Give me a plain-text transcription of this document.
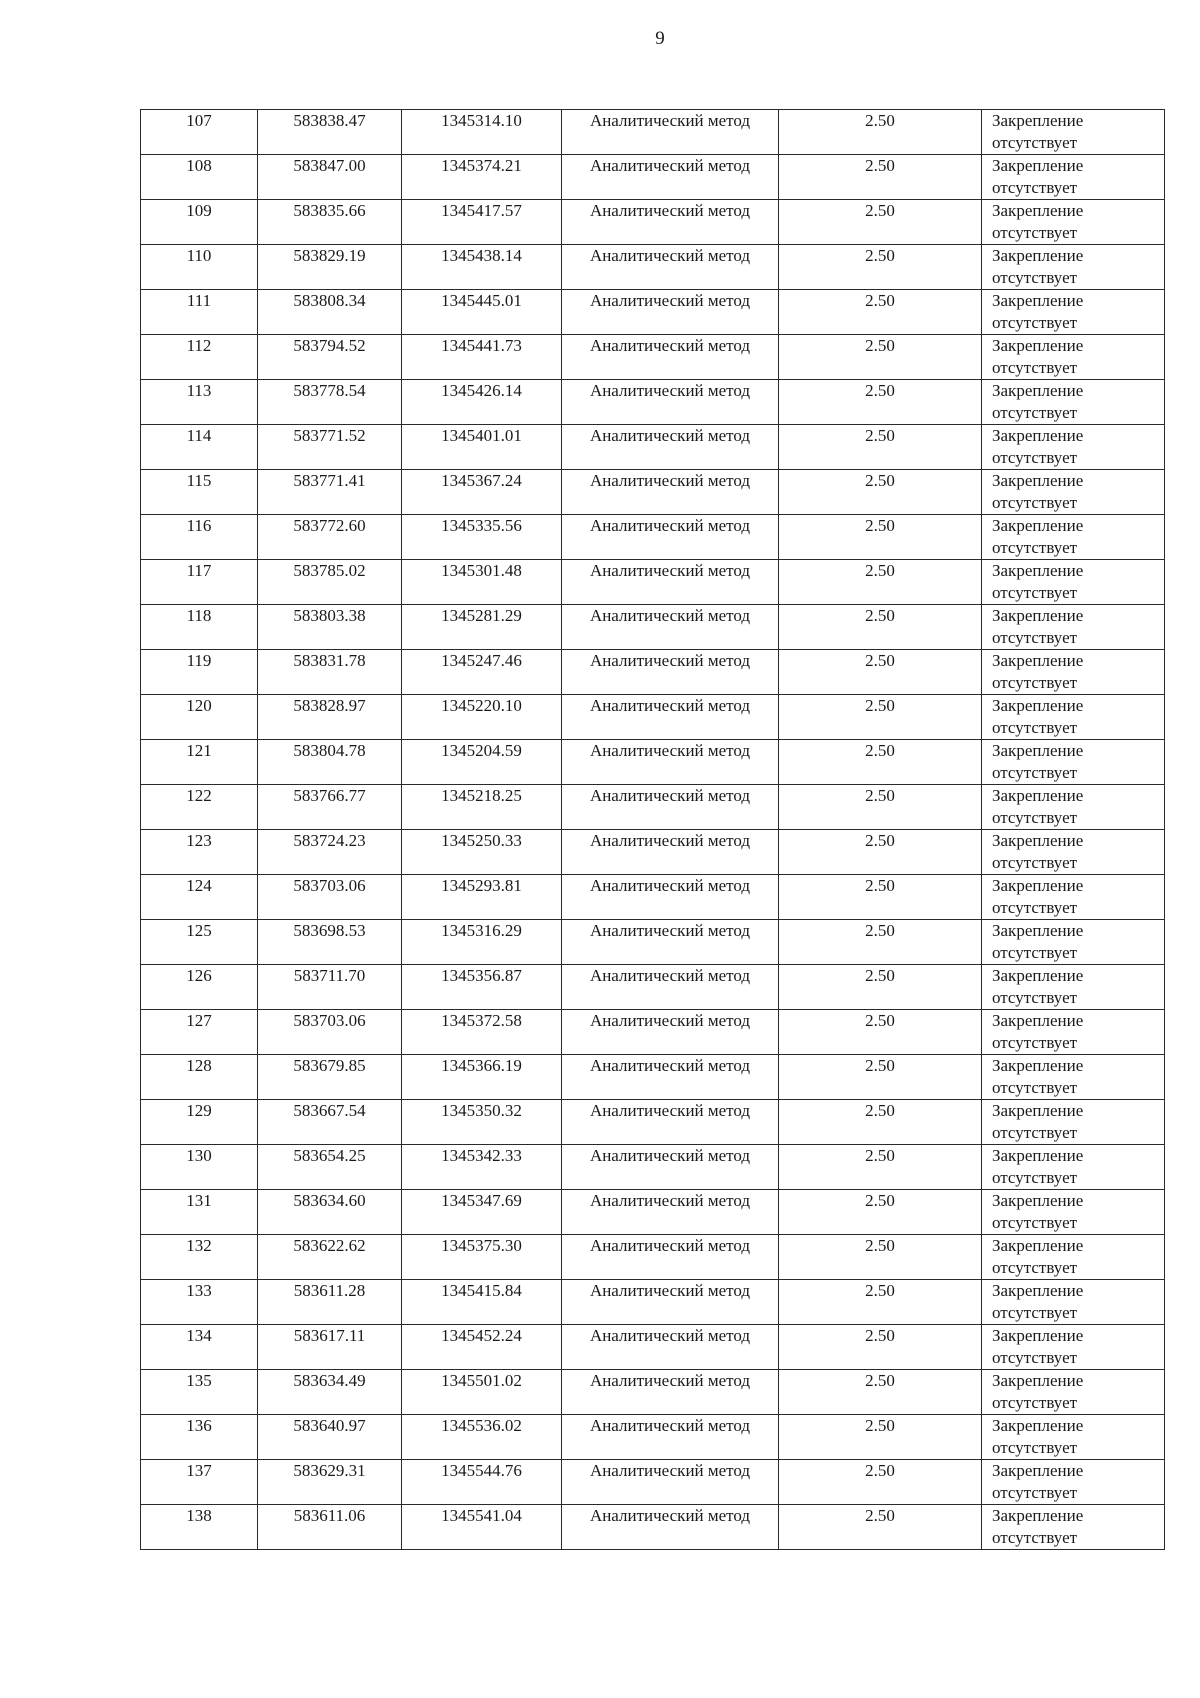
9
107	583838.47	1345314.10	Аналитический метод	2.50	Закрепление
отсутствует

108	583847.00	1345374.21	Аналитический метод	2.50	Закрепление
отсутствует

109	583835.66	1345417.57	Аналитический метод	2.50	Закрепление
отсутствует

110	583829.19	1345438.14	Аналитический метод	2.50	Закрепление
отсутствует

111	583808.34	1345445.01	Аналитический метод	2.50	Закрепление
отсутствует

112	583794.52	1345441.73	Аналитический метод	2.50	Закрепление
отсутствует

113	583778.54	1345426.14	Аналитический метод	2.50	Закрепление
отсутствует

114	583771.52	1345401.01	Аналитический метод	2.50	Закрепление
отсутствует

115	583771.41	1345367.24	Аналитический метод	2.50	Закрепление
отсутствует

116	583772.60	1345335.56	Аналитический метод	2.50	Закрепление
отсутствует

117	583785.02	1345301.48	Аналитический метод	2.50	Закрепление
отсутствует

118	583803.38	1345281.29	Аналитический метод	2.50	Закрепление
отсутствует

119	583831.78	1345247.46	Аналитический метод	2.50	Закрепление
отсутствует

120	583828.97	1345220.10	Аналитический метод	2.50	Закрепление
отсутствует

121	583804.78	1345204.59	Аналитический метод	2.50	Закрепление
отсутствует

122	583766.77	1345218.25	Аналитический метод	2.50	Закрепление
отсутствует

123	583724.23	1345250.33	Аналитический метод	2.50	Закрепление
отсутствует

124	583703.06	1345293.81	Аналитический метод	2.50	Закрепление
отсутствует

125	583698.53	1345316.29	Аналитический метод	2.50	Закрепление
отсутствует

126	583711.70	1345356.87	Аналитический метод	2.50	Закрепление
отсутствует

127	583703.06	1345372.58	Аналитический метод	2.50	Закрепление
отсутствует

128	583679.85	1345366.19	Аналитический метод	2.50	Закрепление
отсутствует

129	583667.54	1345350.32	Аналитический метод	2.50	Закрепление
отсутствует

130	583654.25	1345342.33	Аналитический метод	2.50	Закрепление
отсутствует

131	583634.60	1345347.69	Аналитический метод	2.50	Закрепление
отсутствует

132	583622.62	1345375.30	Аналитический метод	2.50	Закрепление
отсутствует

133	583611.28	1345415.84	Аналитический метод	2.50	Закрепление
отсутствует

134	583617.11	1345452.24	Аналитический метод	2.50	Закрепление
отсутствует

135	583634.49	1345501.02	Аналитический метод	2.50	Закрепление
отсутствует

136	583640.97	1345536.02	Аналитический метод	2.50	Закрепление
отсутствует

137	583629.31	1345544.76	Аналитический метод	2.50	Закрепление
отсутствует

138	583611.06	1345541.04	Аналитический метод	2.50	Закрепление
отсутствует
